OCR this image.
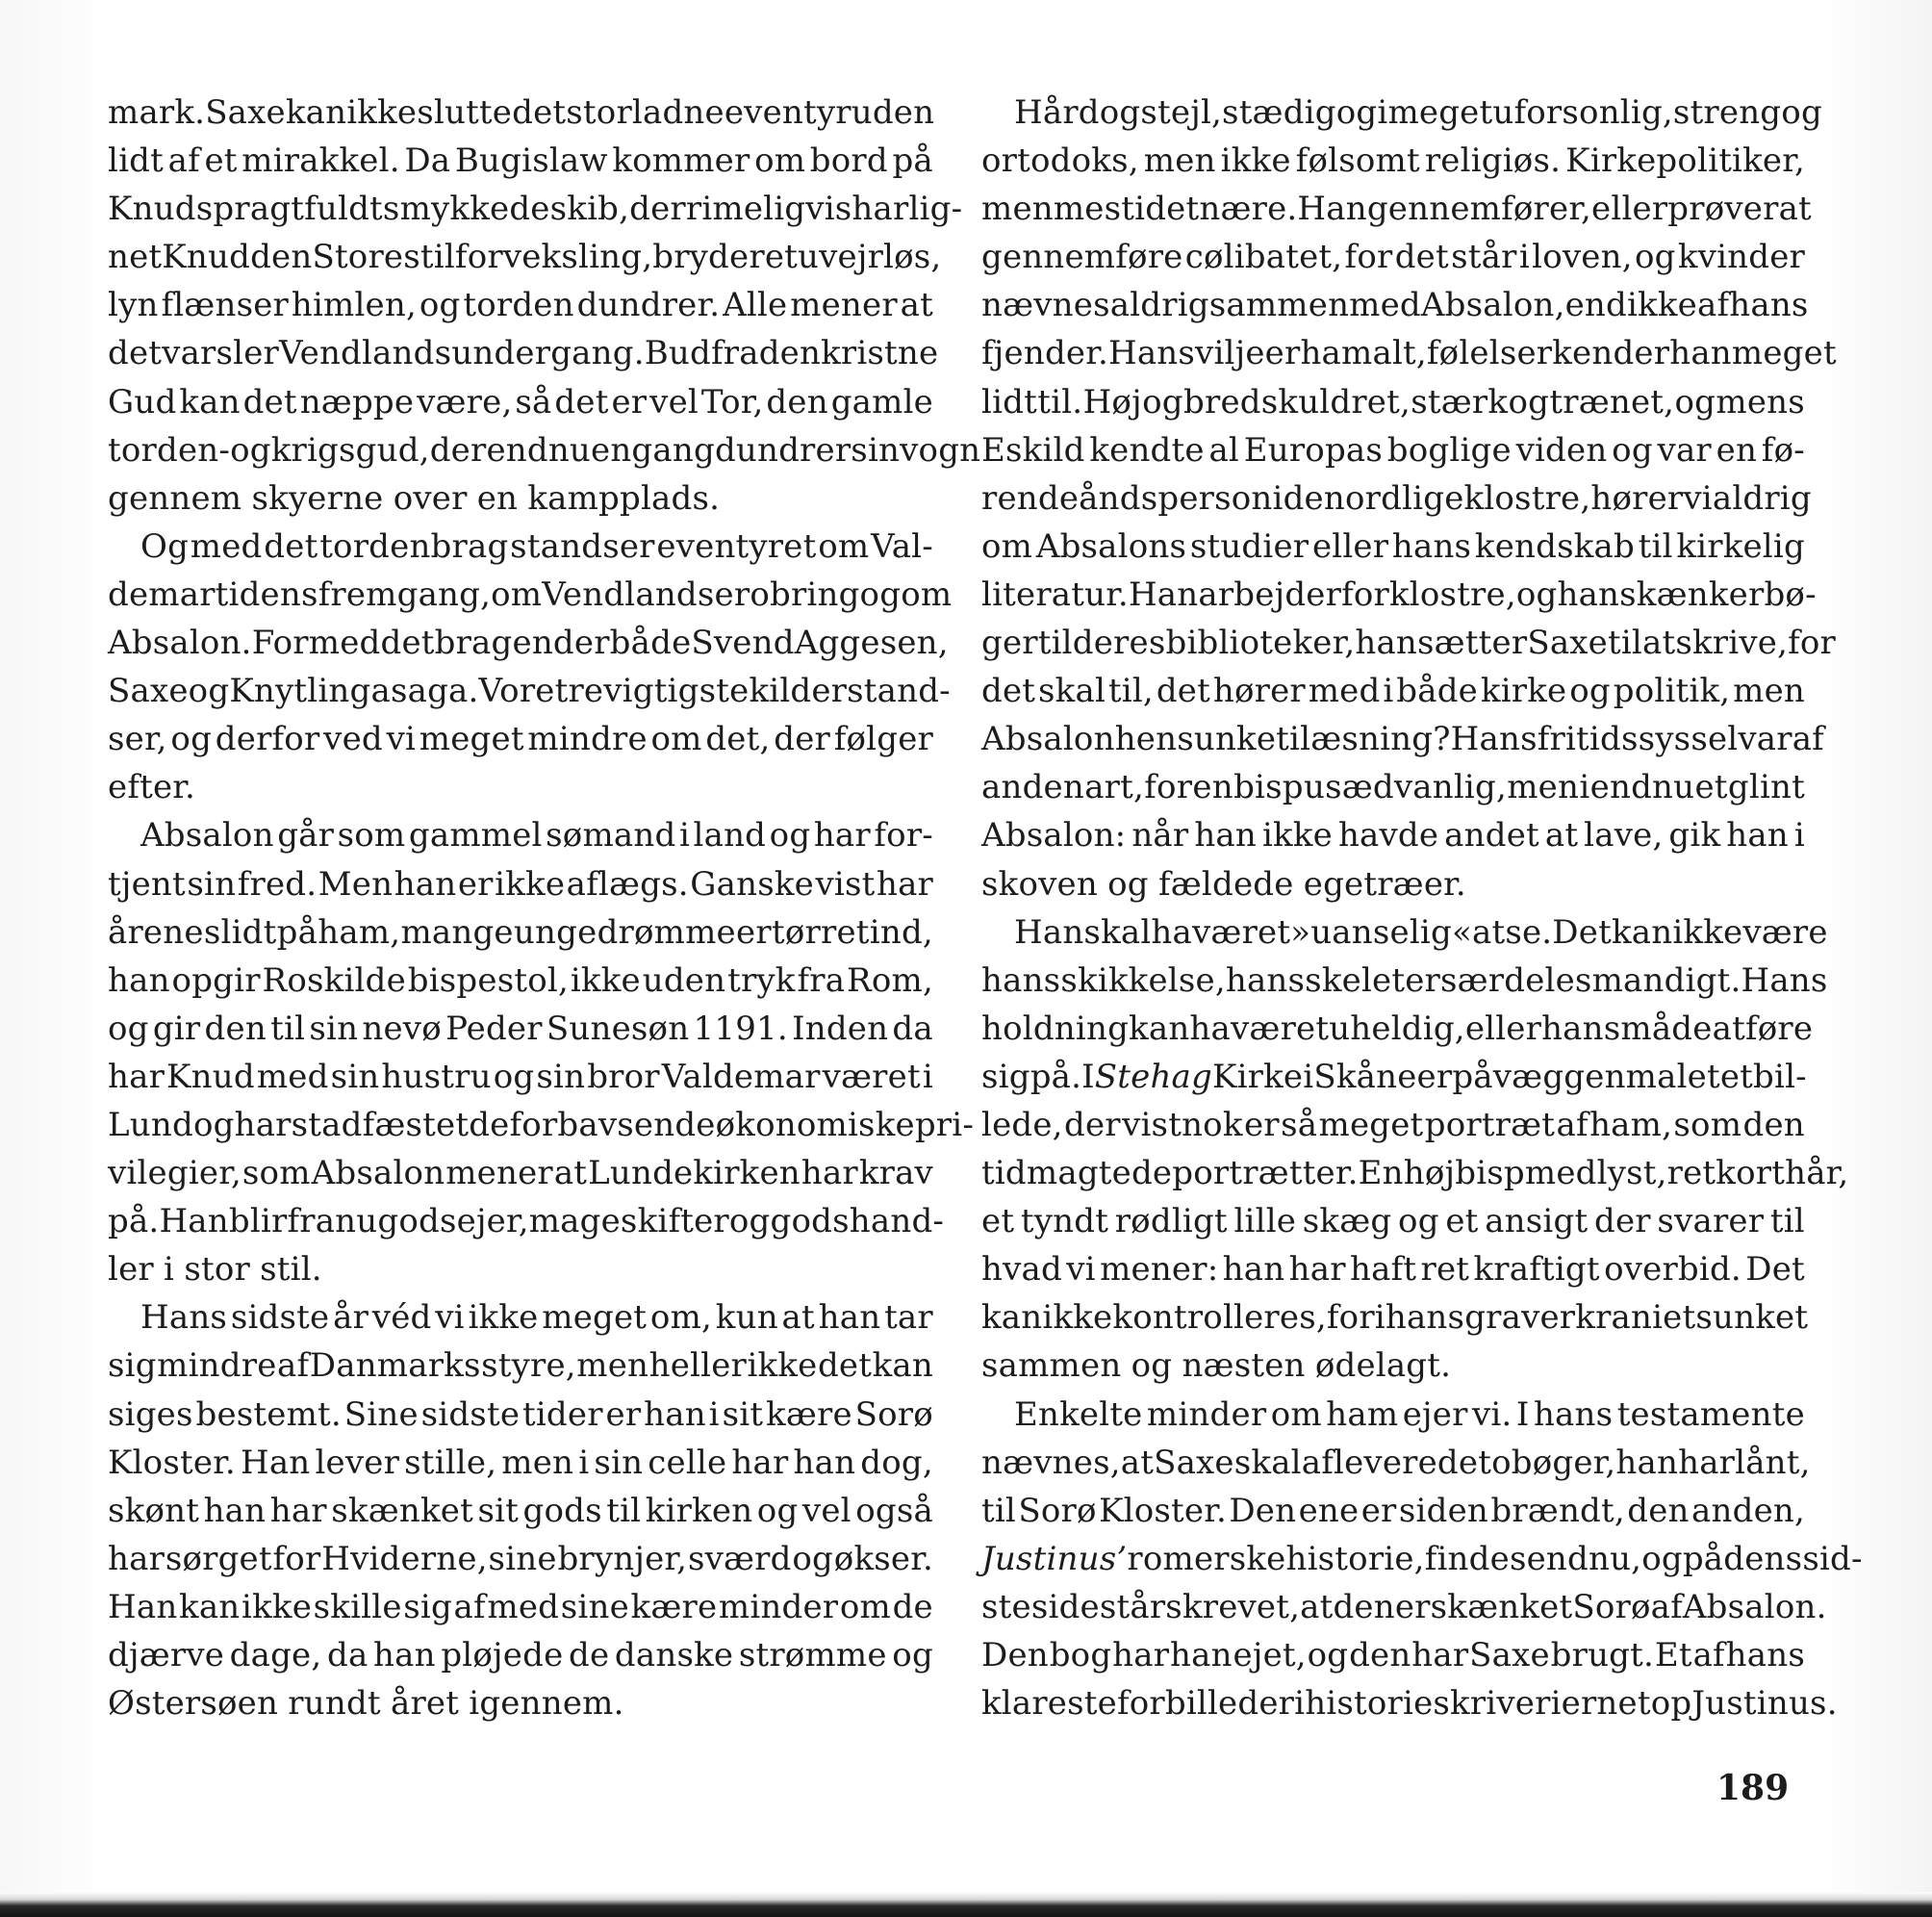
mark. Saxe kan ikke slutte det storladne eventyr uden
lidt af et mirakkel. Da Bugislaw kommer om bord på
Knuds pragtfuldt smykkede skib, der rimeligvis har lig-
net Knud den Stores til forveksling, bryder et uvejr løs,
lyn flænser himlen, og torden dundrer. Alle mener at
det varsler Vendlands undergang. Bud fra den kristne
Gud kan det næppe være, så det er vel Tor, den gamle
torden- og krigsgud, der endnu engang dundrer sin vogn
gennem skyerne over en kampplads.
Og med det tordenbrag standser eventyret om Val-
demartidens fremgang, om Vendlands erobring og om
Absalon. For med det brag ender både Svend Aggesen,
Saxe og Knytlingasaga. Vore tre vigtigste kilder stand-
ser, og derfor ved vi meget mindre om det, der følger
efter.
Absalon går som gammel sømand i land og har for-
tjent sin fred. Men han er ikke aflægs. Ganske vist har
årene slidt på ham, mange unge drømme er tørret ind,
han opgir Roskilde bispestol, ikke uden tryk fra Rom,
og gir den til sin nevø Peder Sunesøn 1191. Inden da
har Knud med sin hustru og sin bror Valdemar været i
Lund og har stadfæstet de forbavsende økonomiske pri-
vilegier, som Absalon mener at Lundekirken har krav
på. Han blir fra nu godsejer, mageskifter og godshand-
ler i stor stil.
Hans sidste år véd vi ikke meget om, kun at han tar
sig mindre af Danmarks styre, men heller ikke det kan
siges bestemt. Sine sidste tider er han i sit kære Sorø
Kloster. Han lever stille, men i sin celle har han dog,
skønt han har skænket sit gods til kirken og vel også
har sørget for Hviderne, sine brynjer, sværd og økser.
Han kan ikke skille sig af med sine kære minder om de
djærve dage, da han pløjede de danske strømme og
Østersøen rundt året igennem.
Hård og stejl, stædig og i meget uforsonlig, streng og
ortodoks, men ikke følsomt religiøs. Kirkepolitiker,
men mest i det nære. Han gennemfører, eller prøver at
gennemføre cølibatet, for det står i loven, og kvinder
nævnes aldrig sammen med Absalon, end ikke af hans
fjender. Hans vilje er ham alt, følelser kender han meget
lidt til. Høj og bredskuldret, stærk og trænet, og mens
Eskild kendte al Europas boglige viden og var en fø-
rende åndsperson i de nordlige klostre, hører vi aldrig
om Absalons studier eller hans kendskab til kirkelig
literatur. Han arbejder for klostre, og han skænker bø-
ger til deres biblioteker, han sætter Saxe til at skrive, for
det skal til, det hører med i både kirke og politik, men
Absalon hensunket i læsning? Hans fritidssyssel var af
anden art, for en bisp usædvanlig, men i endnu et glint
Absalon: når han ikke havde andet at lave, gik han i
skoven og fældede egetræer.
Han skal ha været »uanselig« at se. Det kan ikke være
hans skikkelse, hans skelet er særdeles mandigt. Hans
holdning kan ha været uheldig, eller hans måde at føre
sig på. I Stehag Kirke i Skåne er på væggen malet et bil-
lede, der vistnok er så meget portræt af ham, som den
tid magtede portrætter. En høj bisp med lyst, ret kort hår,
et tyndt rødligt lille skæg og et ansigt der svarer til
hvad vi mener: han har haft ret kraftigt overbid. Det
kan ikke kontrolleres, for i hans grav er kraniet sunket
sammen og næsten ødelagt.
Enkelte minder om ham ejer vi. I hans testamente
nævnes, at Saxe skal aflevere de to bøger, han har lånt,
til Sorø Kloster. Den ene er siden brændt, den anden,
Justinus’ romerske historie, findes endnu, og på dens sid-
ste side står skrevet, at den er skænket Sorø af Absalon.
Den bog har han ejet, og den har Saxe brugt. Et af hans
klareste forbilleder i historieskriveri er netop Justinus.
189
